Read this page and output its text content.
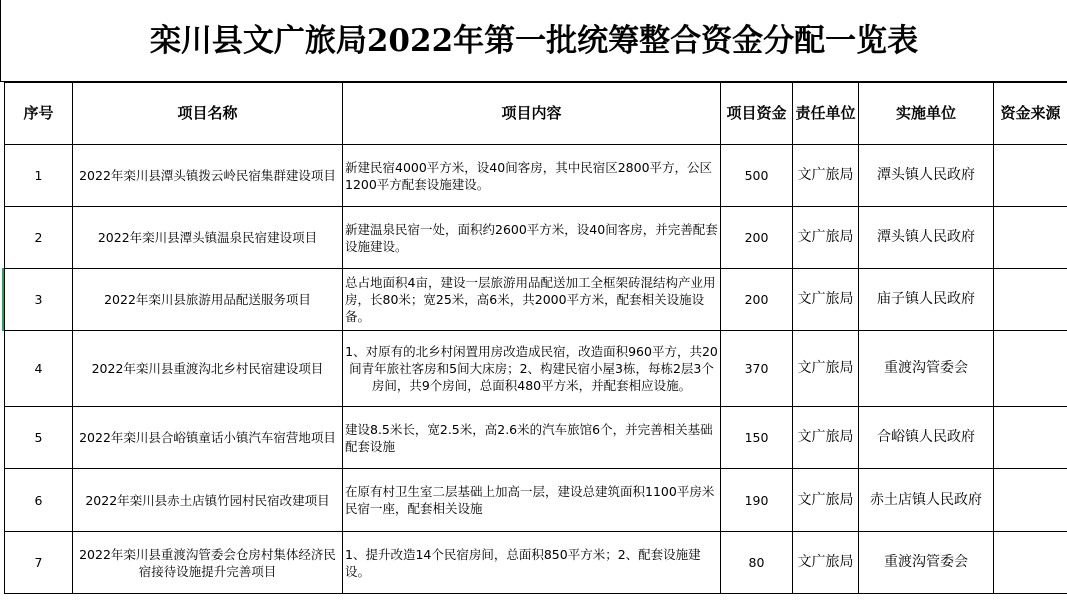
栾川县文广旅局2022年第一批统筹整合资金分配一览表
序号	项目名称	项目内容	项目资金	责任单位	实施单位	资金来源
1	2022年栾川县潭头镇拨云岭民宿集群建设项目	新建民宿4000平方米，设40间客房，其中民宿区2800平方，公区1200平方配套设施建设。	500	文广旅局	潭头镇人民政府	
2	2022年栾川县潭头镇温泉民宿建设项目	新建温泉民宿一处，面积约2600平方米，设40间客房，并完善配套设施建设。	200	文广旅局	潭头镇人民政府	
3	2022年栾川县旅游用品配送服务项目	总占地面积4亩，建设一层旅游用品配送加工全框架砖混结构产业用房，长80米；宽25米，高6米，共2000平方米，配套相关设施设备。	200	文广旅局	庙子镇人民政府	
4	2022年栾川县重渡沟北乡村民宿建设项目	1、对原有的北乡村闲置用房改造成民宿，改造面积960平方，共20间青年旅社客房和5间大床房；2、构建民宿小屋3栋，每栋2层3个房间，共9个房间，总面积480平方米，并配套相应设施。	370	文广旅局	重渡沟管委会	
5	2022年栾川县合峪镇童话小镇汽车宿营地项目	建设8.5米长，宽2.5米，高2.6米的汽车旅馆6个，并完善相关基础配套设施	150	文广旅局	合峪镇人民政府	
6	2022年栾川县赤土店镇竹园村民宿改建项目	在原有村卫生室二层基础上加高一层，建设总建筑面积1100平房米民宿一座，配套相关设施	190	文广旅局	赤土店镇人民政府	
7	2022年栾川县重渡沟管委会仓房村集体经济民宿接待设施提升完善项目	1、提升改造14个民宿房间，总面积850平方米；2、配套设施建设。	80	文广旅局	重渡沟管委会	
